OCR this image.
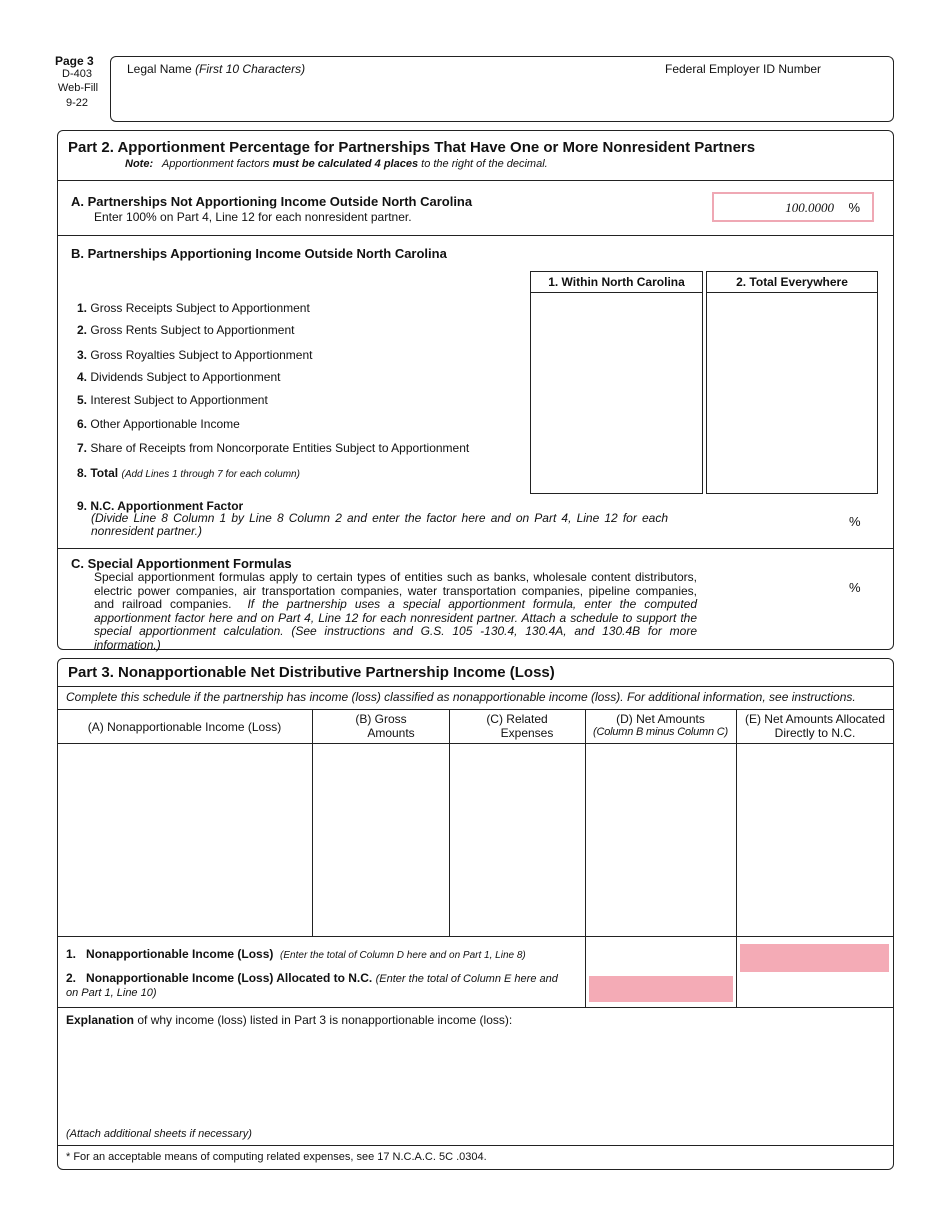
Page 3
D-403
Web-Fill
9-22
Legal Name (First 10 Characters)	Federal Employer ID Number
Part 2. Apportionment Percentage for Partnerships That Have One or More Nonresident Partners
Note: Apportionment factors must be calculated 4 places to the right of the decimal.
A. Partnerships Not Apportioning Income Outside North Carolina
Enter 100% on Part 4, Line 12 for each nonresident partner.
100.0000 %
B. Partnerships Apportioning Income Outside North Carolina
1. Within North Carolina	2. Total Everywhere
1. Gross Receipts Subject to Apportionment
2. Gross Rents Subject to Apportionment
3. Gross Royalties Subject to Apportionment
4. Dividends Subject to Apportionment
5. Interest Subject to Apportionment
6. Other Apportionable Income
7. Share of Receipts from Noncorporate Entities Subject to Apportionment
8. Total (Add Lines 1 through 7 for each column)
9. N.C. Apportionment Factor
(Divide Line 8 Column 1 by Line 8 Column 2 and enter the factor here and on Part 4, Line 12 for each nonresident partner.)
%
C. Special Apportionment Formulas
Special apportionment formulas apply to certain types of entities such as banks, wholesale content distributors, electric power companies, air transportation companies, water transportation companies, pipeline companies, and railroad companies. If the partnership uses a special apportionment formula, enter the computed apportionment factor here and on Part 4, Line 12 for each nonresident partner. Attach a schedule to support the special apportionment calculation. (See instructions and G.S. 105 -130.4, 130.4A, and 130.4B for more information.)
%
Part 3. Nonapportionable Net Distributive Partnership Income (Loss)
Complete this schedule if the partnership has income (loss) classified as nonapportionable income (loss). For additional information, see instructions.
(A) Nonapportionable Income (Loss)
(B) Gross
Amounts
(C) Related
Expenses
(D) Net Amounts
(Column B minus Column C)
(E) Net Amounts Allocated
Directly to N.C.
1. Nonapportionable Income (Loss) (Enter the total of Column D here and on Part 1, Line 8)
2. Nonapportionable Income (Loss) Allocated to N.C. (Enter the total of Column E here and on Part 1, Line 10)
Explanation of why income (loss) listed in Part 3 is nonapportionable income (loss):
(Attach additional sheets if necessary)
* For an acceptable means of computing related expenses, see 17 N.C.A.C. 5C .0304.
